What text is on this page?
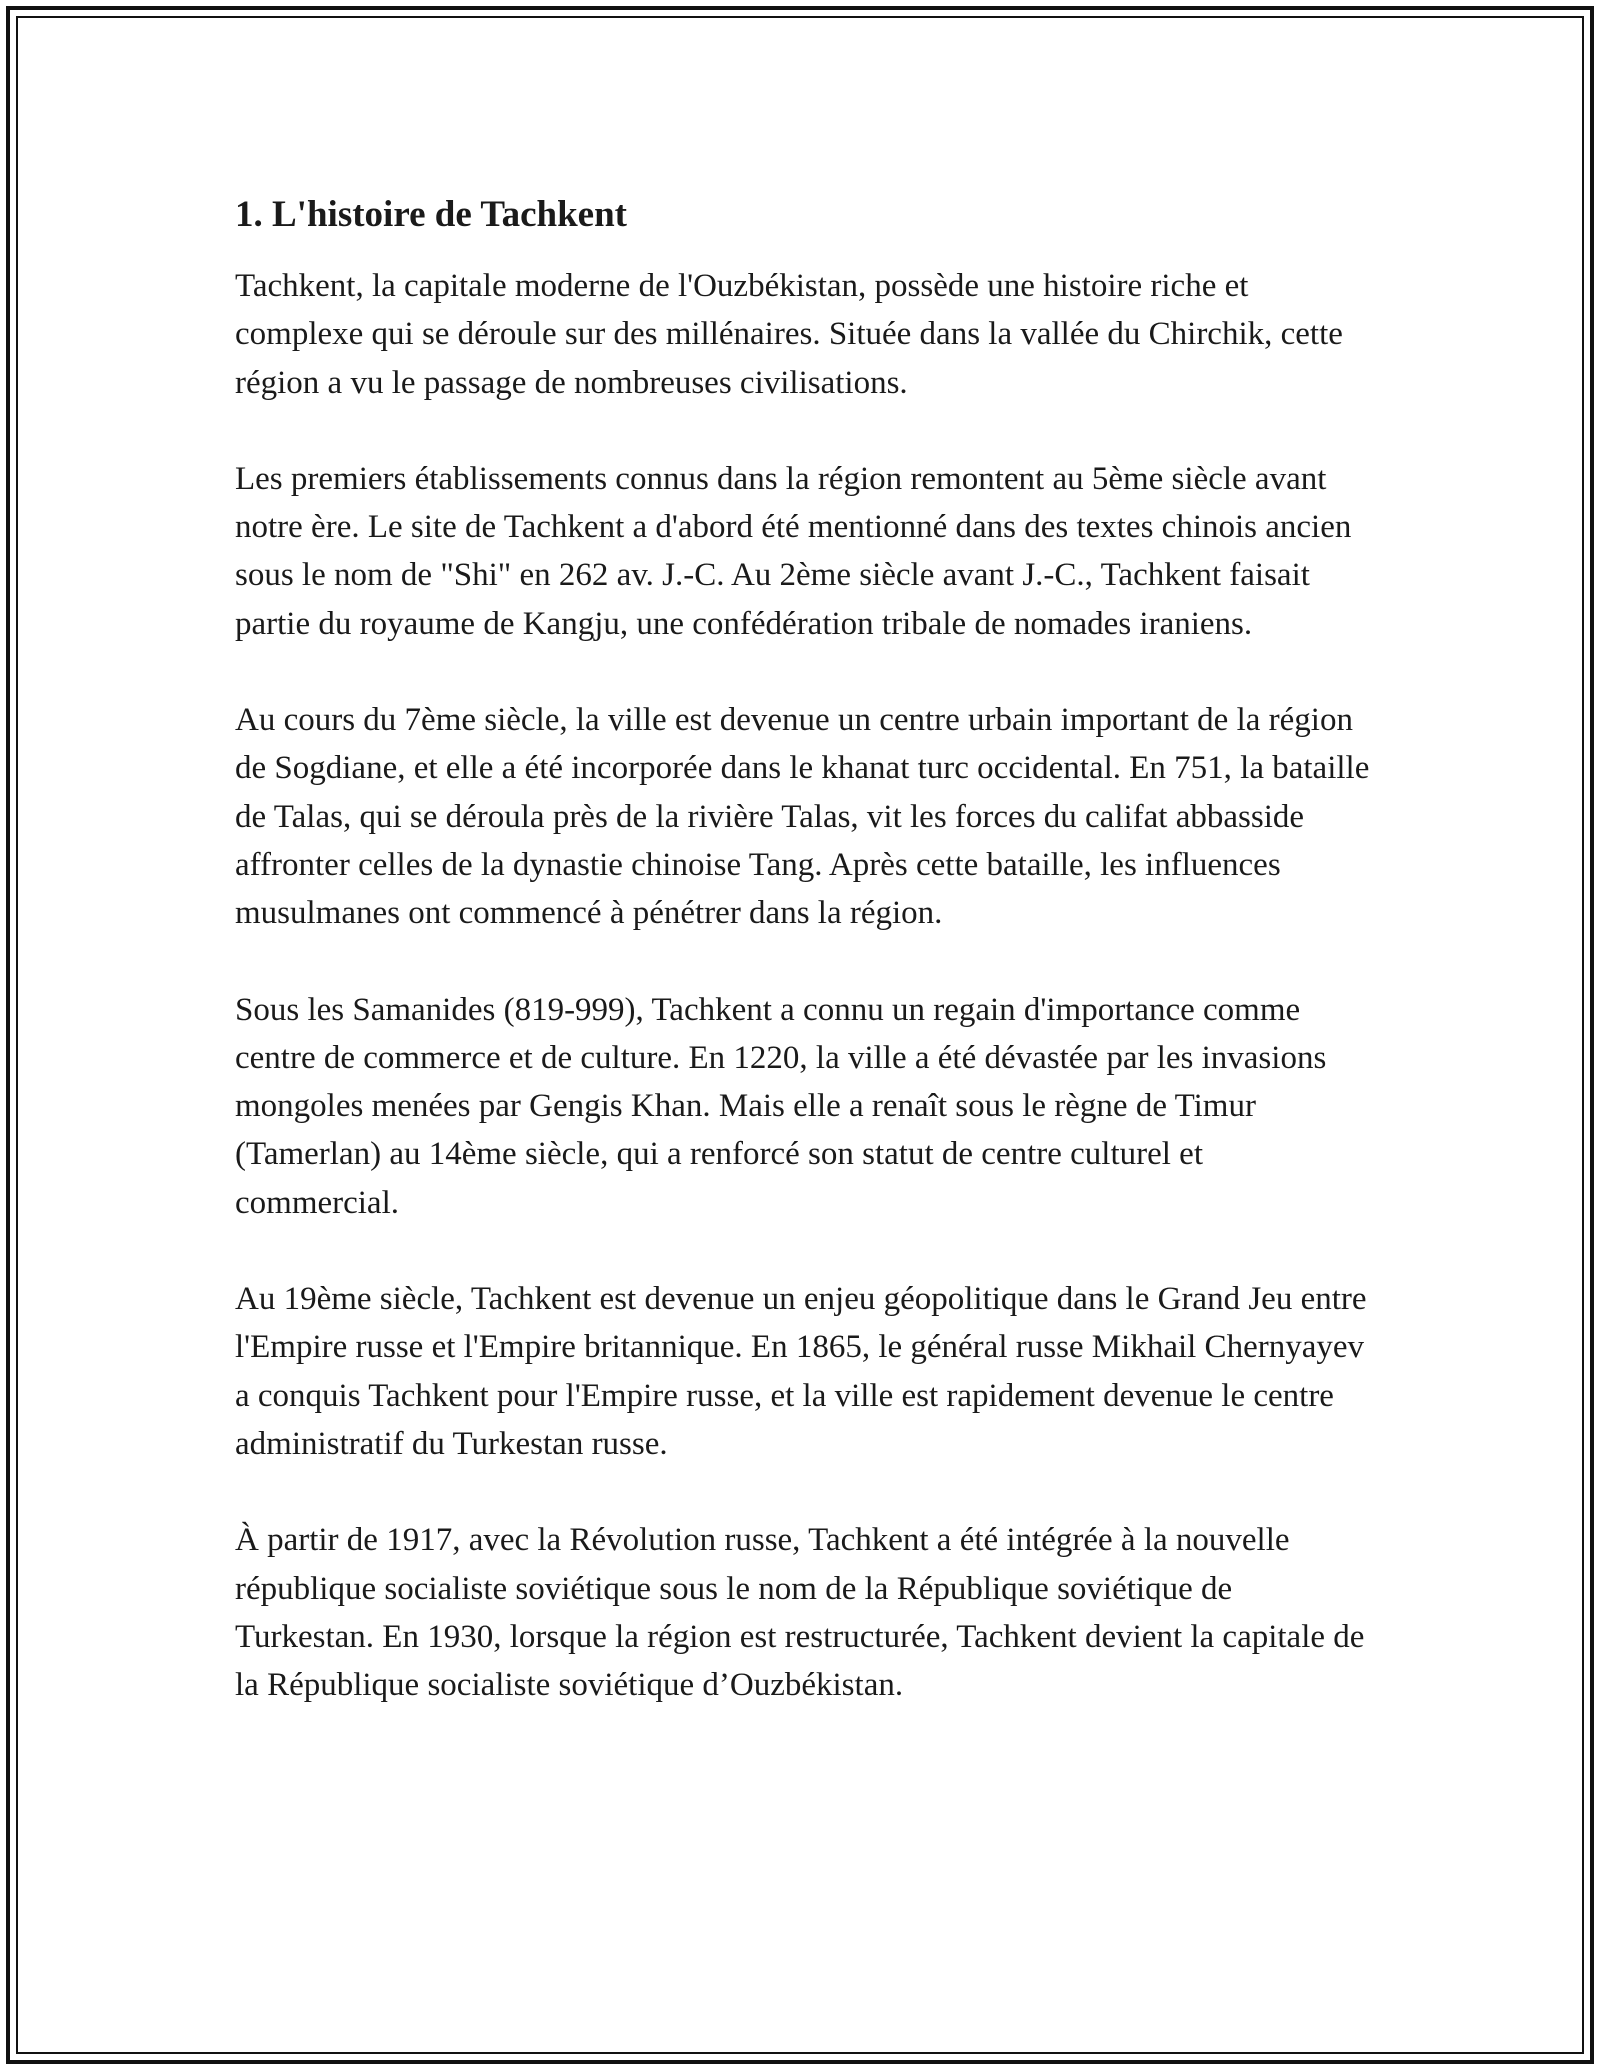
1. L'histoire de Tachkent

Tachkent, la capitale moderne de l'Ouzbékistan, possède une histoire riche et complexe qui se déroule sur des millénaires. Située dans la vallée du Chirchik, cette région a vu le passage de nombreuses civilisations.

Les premiers établissements connus dans la région remontent au 5ème siècle avant notre ère. Le site de Tachkent a d'abord été mentionné dans des textes chinois ancien sous le nom de "Shi" en 262 av. J.-C. Au 2ème siècle avant J.-C., Tachkent faisait partie du royaume de Kangju, une confédération tribale de nomades iraniens.

Au cours du 7ème siècle, la ville est devenue un centre urbain important de la région de Sogdiane, et elle a été incorporée dans le khanat turc occidental. En 751, la bataille de Talas, qui se déroula près de la rivière Talas, vit les forces du califat abbasside affronter celles de la dynastie chinoise Tang. Après cette bataille, les influences musulmanes ont commencé à pénétrer dans la région.

Sous les Samanides (819-999), Tachkent a connu un regain d'importance comme centre de commerce et de culture. En 1220, la ville a été dévastée par les invasions mongoles menées par Gengis Khan. Mais elle a renaît sous le règne de Timur (Tamerlan) au 14ème siècle, qui a renforcé son statut de centre culturel et commercial.

Au 19ème siècle, Tachkent est devenue un enjeu géopolitique dans le Grand Jeu entre l'Empire russe et l'Empire britannique. En 1865, le général russe Mikhail Chernyayev a conquis Tachkent pour l'Empire russe, et la ville est rapidement devenue le centre administratif du Turkestan russe.

À partir de 1917, avec la Révolution russe, Tachkent a été intégrée à la nouvelle république socialiste soviétique sous le nom de la République soviétique de Turkestan. En 1930, lorsque la région est restructurée, Tachkent devient la capitale de la République socialiste soviétique d’Ouzbékistan.
